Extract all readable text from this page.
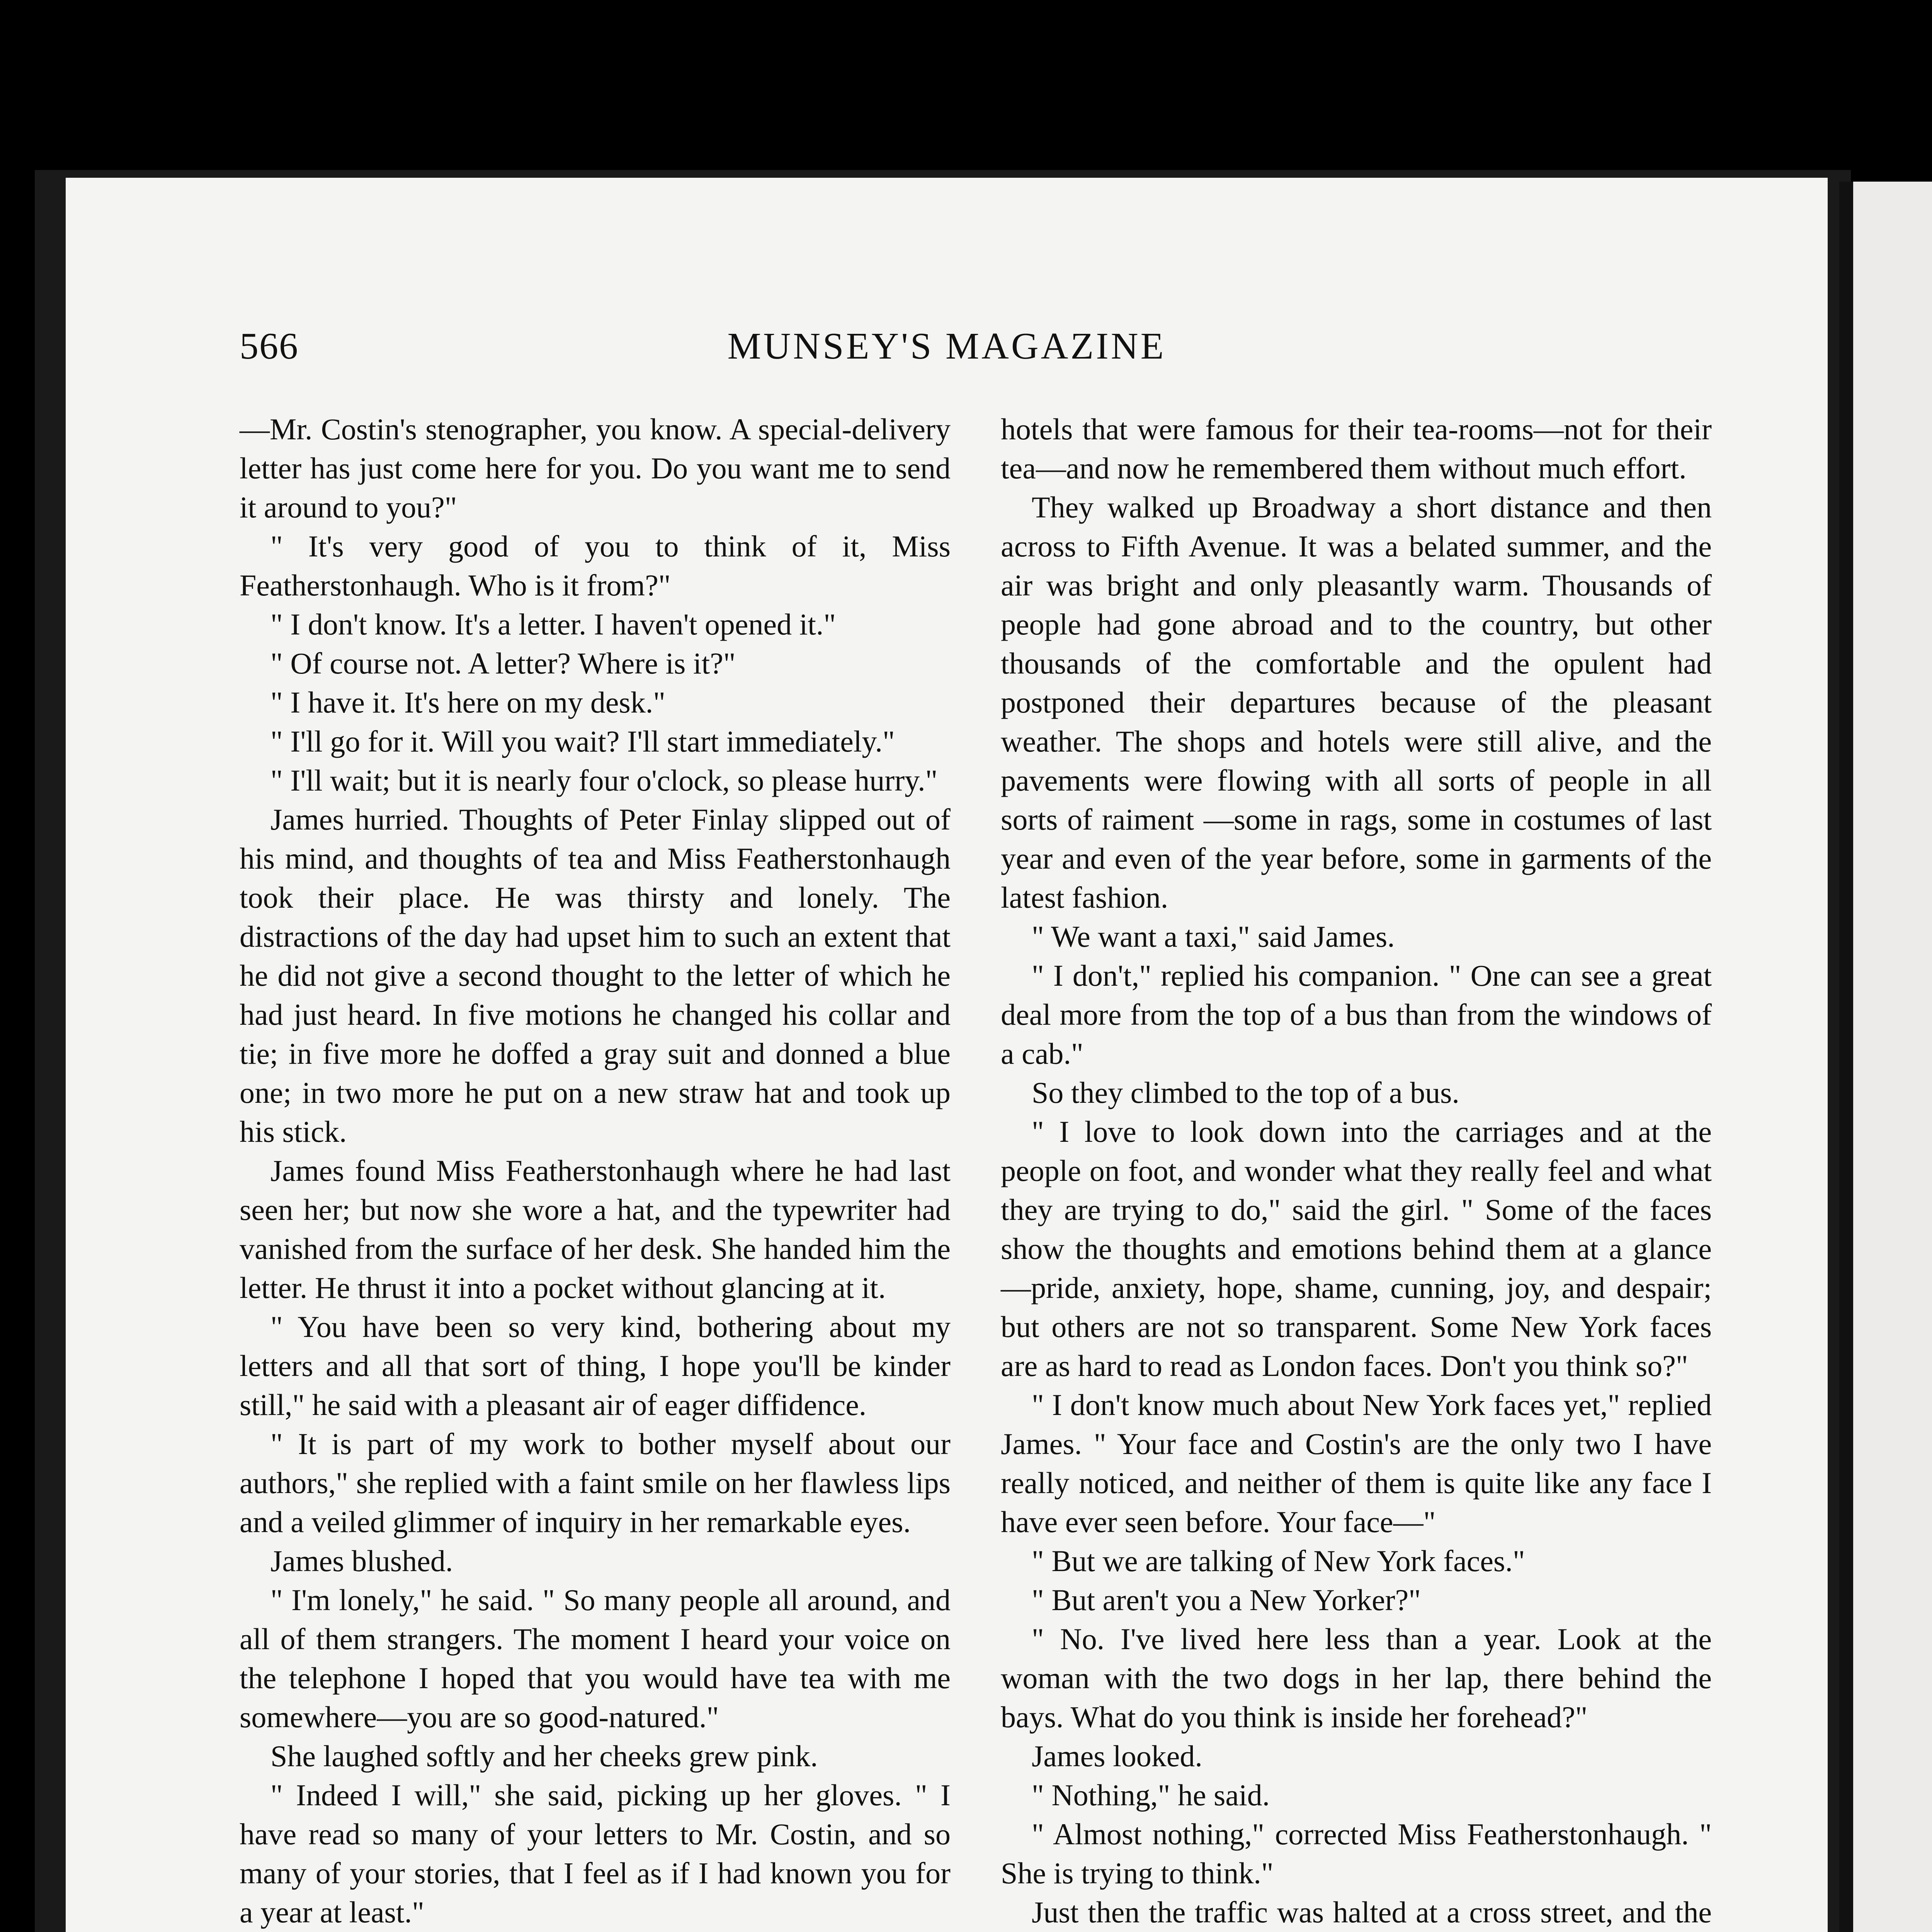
566	MUNSEY'S MAGAZINE

—Mr. Costin's stenographer, you know. A special-delivery letter has just come here for you. Do you want me to send it around to you?"

" It's very good of you to think of it, Miss Featherstonhaugh. Who is it from?"

" I don't know. It's a letter. I haven't opened it."

" Of course not. A letter? Where is it?"

" I have it. It's here on my desk."

" I'll go for it. Will you wait? I'll start immediately."

" I'll wait; but it is nearly four o'clock, so please hurry."

James hurried. Thoughts of Peter Finlay slipped out of his mind, and thoughts of tea and Miss Featherstonhaugh took their place. He was thirsty and lonely. The distractions of the day had upset him to such an extent that he did not give a second thought to the letter of which he had just heard. In five motions he changed his collar and tie; in five more he doffed a gray suit and donned a blue one; in two more he put on a new straw hat and took up his stick.

James found Miss Featherstonhaugh where he had last seen her; but now she wore a hat, and the typewriter had vanished from the surface of her desk. She handed him the letter. He thrust it into a pocket without glancing at it.

" You have been so very kind, bothering about my letters and all that sort of thing, I hope you'll be kinder still," he said with a pleasant air of eager diffidence.

" It is part of my work to bother myself about our authors," she replied with a faint smile on her flawless lips and a veiled glimmer of inquiry in her remarkable eyes.

James blushed.

" I'm lonely," he said. " So many people all around, and all of them strangers. The moment I heard your voice on the telephone I hoped that you would have tea with me somewhere—you are so good-natured."

She laughed softly and her cheeks grew pink.

" Indeed I will," she said, picking up her gloves. " I have read so many of your letters to Mr. Costin, and so many of your stories, that I feel as if I had known you for a year at least."

hotels that were famous for their tea-rooms—not for their tea—and now he remembered them without much effort.

They walked up Broadway a short distance and then across to Fifth Avenue. It was a belated summer, and the air was bright and only pleasantly warm. Thousands of people had gone abroad and to the country, but other thousands of the comfortable and the opulent had postponed their departures because of the pleasant weather. The shops and hotels were still alive, and the pavements were flowing with all sorts of people in all sorts of raiment —some in rags, some in costumes of last year and even of the year before, some in garments of the latest fashion.

" We want a taxi," said James.

" I don't," replied his companion. " One can see a great deal more from the top of a bus than from the windows of a cab."

So they climbed to the top of a bus.

" I love to look down into the carriages and at the people on foot, and wonder what they really feel and what they are trying to do," said the girl. " Some of the faces show the thoughts and emotions behind them at a glance —pride, anxiety, hope, shame, cunning, joy, and despair; but others are not so transparent. Some New York faces are as hard to read as London faces. Don't you think so?"

" I don't know much about New York faces yet," replied James. " Your face and Costin's are the only two I have really noticed, and neither of them is quite like any face I have ever seen before. Your face—"

" But we are talking of New York faces."

" But aren't you a New Yorker?"

" No. I've lived here less than a year. Look at the woman with the two dogs in her lap, there behind the bays. What do you think is inside her forehead?"

James looked.

" Nothing," he said.

" Almost nothing," corrected Miss Featherstonhaugh. " She is trying to think."

Just then the traffic was halted at a cross street, and the
